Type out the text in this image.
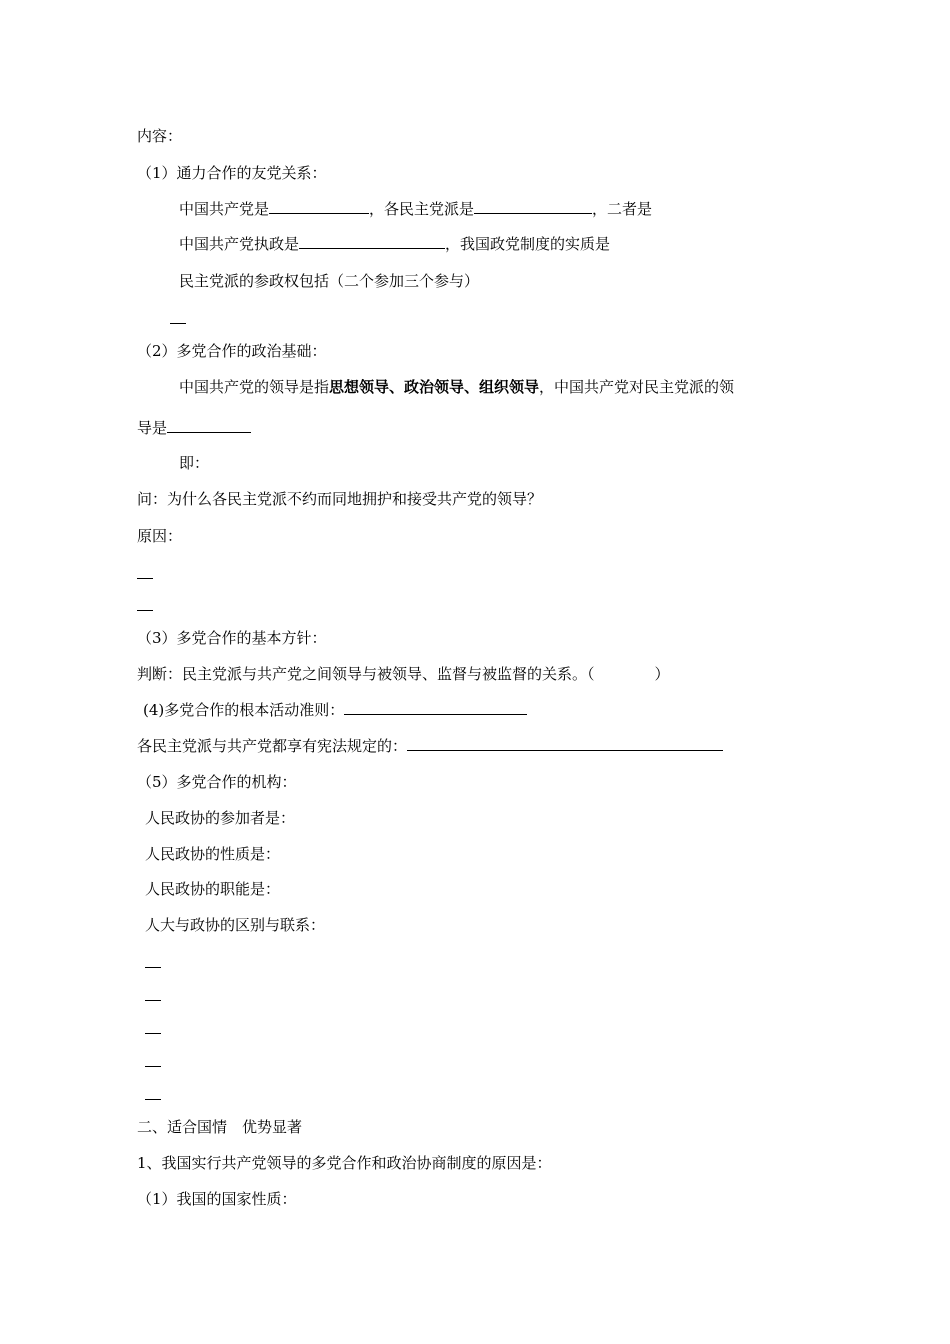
内容：
（1）通力合作的友党关系：
中国共产党是	，各民主党派是	，二者是
中国共产党执政是	，我国政党制度的实质是
民主党派的参政权包括（二个参加三个参与）
（2）多党合作的政治基础：
中国共产党的领导是指思想领导、政治领导、组织领导，中国共产党对民主党派的领
导是
即：
问：为什么各民主党派不约而同地拥护和接受共产党的领导？
原因：
（3）多党合作的基本方针：
判断：民主党派与共产党之间领导与被领导、监督与被监督的关系。（　　　　）
(4)多党合作的根本活动准则：
各民主党派与共产党都享有宪法规定的：
（5）多党合作的机构：
人民政协的参加者是：
人民政协的性质是：
人民政协的职能是：
人大与政协的区别与联系：
二、适合国情　优势显著
1、我国实行共产党领导的多党合作和政治协商制度的原因是：
（1）我国的国家性质：
